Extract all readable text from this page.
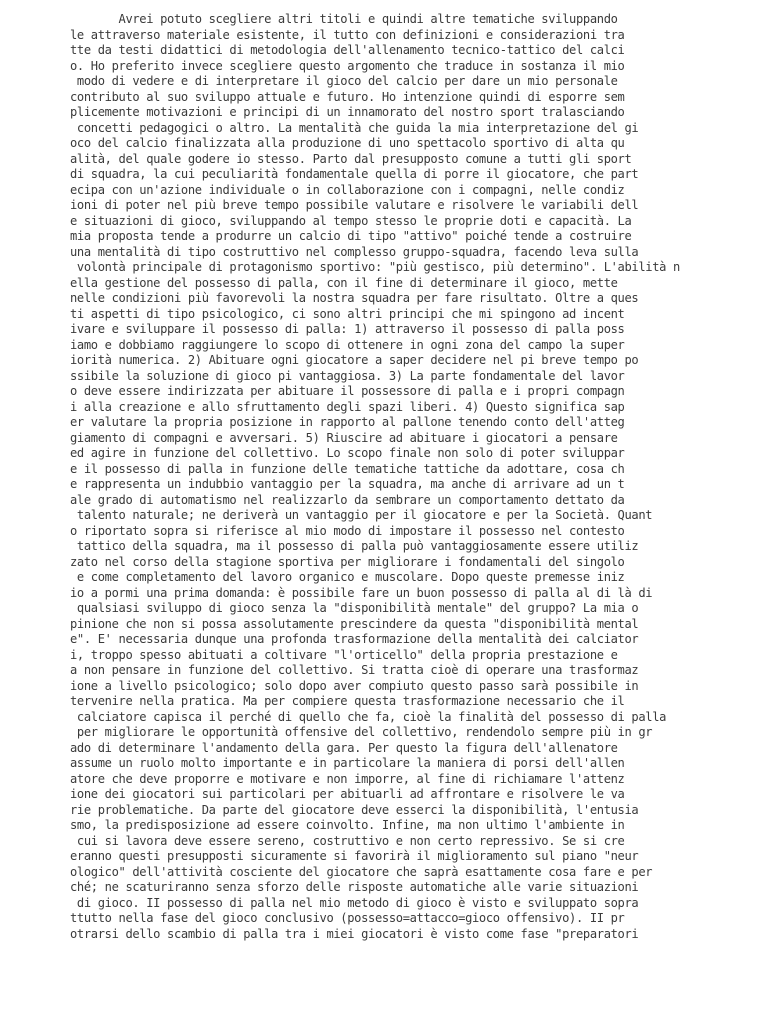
Avrei potuto scegliere altri titoli e quindi altre tematiche sviluppando
le attraverso materiale esistente, il tutto con definizioni e considerazioni tra
tte da testi didattici di metodologia dell'allenamento tecnico-tattico del calci
o. Ho preferito invece scegliere questo argomento che traduce in sostanza il mio
modo di vedere e di interpretare il gioco del calcio per dare un mio personale
contributo al suo sviluppo attuale e futuro. Ho intenzione quindi di esporre sem
plicemente motivazioni e principi di un innamorato del nostro sport tralasciando
concetti pedagogici o altro. La mentalità che guida la mia interpretazione del gi
oco del calcio finalizzata alla produzione di uno spettacolo sportivo di alta qu
alità, del quale godere io stesso. Parto dal presupposto comune a tutti gli sport
di squadra, la cui peculiarità fondamentale quella di porre il giocatore, che part
ecipa con un'azione individuale o in collaborazione con i compagni, nelle condiz
ioni di poter nel più breve tempo possibile valutare e risolvere le variabili dell
e situazioni di gioco, sviluppando al tempo stesso le proprie doti e capacità. La
mia proposta tende a produrre un calcio di tipo "attivo" poiché tende a costruire
una mentalità di tipo costruttivo nel complesso gruppo-squadra, facendo leva sulla
volontà principale di protagonismo sportivo: "più gestisco, più determino". L'abilità n
ella gestione del possesso di palla, con il fine di determinare il gioco, mette
nelle condizioni più favorevoli la nostra squadra per fare risultato. Oltre a ques
ti aspetti di tipo psicologico, ci sono altri principi che mi spingono ad incent
ivare e sviluppare il possesso di palla: 1) attraverso il possesso di palla poss
iamo e dobbiamo raggiungere lo scopo di ottenere in ogni zona del campo la super
iorità numerica. 2) Abituare ogni giocatore a saper decidere nel pi breve tempo po
ssibile la soluzione di gioco pi vantaggiosa. 3) La parte fondamentale del lavor
o deve essere indirizzata per abituare il possessore di palla e i propri compagn
i alla creazione e allo sfruttamento degli spazi liberi. 4) Questo significa sap
er valutare la propria posizione in rapporto al pallone tenendo conto dell'atteg
giamento di compagni e avversari. 5) Riuscire ad abituare i giocatori a pensare
ed agire in funzione del collettivo. Lo scopo finale non solo di poter sviluppar
e il possesso di palla in funzione delle tematiche tattiche da adottare, cosa ch
e rappresenta un indubbio vantaggio per la squadra, ma anche di arrivare ad un t
ale grado di automatismo nel realizzarlo da sembrare un comportamento dettato da
talento naturale; ne deriverà un vantaggio per il giocatore e per la Società. Quant
o riportato sopra si riferisce al mio modo di impostare il possesso nel contesto
tattico della squadra, ma il possesso di palla può vantaggiosamente essere utiliz
zato nel corso della stagione sportiva per migliorare i fondamentali del singolo
e come completamento del lavoro organico e muscolare. Dopo queste premesse iniz
io a pormi una prima domanda: è possibile fare un buon possesso di palla al di là di
qualsiasi sviluppo di gioco senza la "disponibilità mentale" del gruppo? La mia o
pinione che non si possa assolutamente prescindere da questa "disponibilità mental
e". E' necessaria dunque una profonda trasformazione della mentalità dei calciator
i, troppo spesso abituati a coltivare "l'orticello" della propria prestazione e
a non pensare in funzione del collettivo. Si tratta cioè di operare una trasformaz
ione a livello psicologico; solo dopo aver compiuto questo passo sarà possibile in
tervenire nella pratica. Ma per compiere questa trasformazione necessario che il
calciatore capisca il perché di quello che fa, cioè la finalità del possesso di palla
per migliorare le opportunità offensive del collettivo, rendendolo sempre più in gr
ado di determinare l'andamento della gara. Per questo la figura dell'allenatore
assume un ruolo molto importante e in particolare la maniera di porsi dell'allen
atore che deve proporre e motivare e non imporre, al fine di richiamare l'attenz
ione dei giocatori sui particolari per abituarli ad affrontare e risolvere le va
rie problematiche. Da parte del giocatore deve esserci la disponibilità, l'entusia
smo, la predisposizione ad essere coinvolto. Infine, ma non ultimo l'ambiente in
cui si lavora deve essere sereno, costruttivo e non certo repressivo. Se si cre
eranno questi presupposti sicuramente si favorirà il miglioramento sul piano "neur
ologico" dell'attività cosciente del giocatore che saprà esattamente cosa fare e per
ché; ne scaturiranno senza sforzo delle risposte automatiche alle varie situazioni
di gioco. II possesso di palla nel mio metodo di gioco è visto e sviluppato sopra
ttutto nella fase del gioco conclusivo (possesso=attacco=gioco offensivo). II pr
otrarsi dello scambio di palla tra i miei giocatori è visto come fase "preparatori
